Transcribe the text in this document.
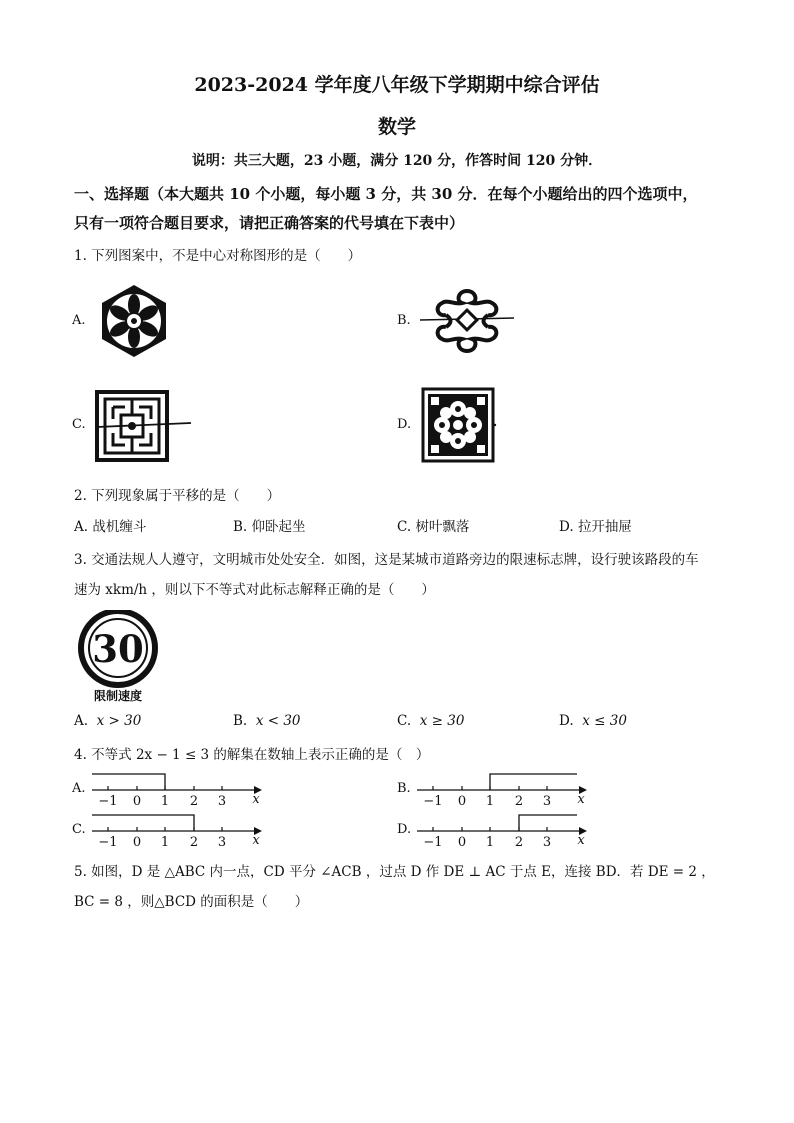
2023-2024 学年度八年级下学期期中综合评估
数学
说明：共三大题，23 小题，满分 120 分，作答时间 120 分钟．
一、选择题（本大题共 10 个小题，每小题 3 分，共 30 分．在每个小题给出的四个选项中，
只有一项符合题目要求，请把正确答案的代号填在下表中）
1. 下列图案中，不是中心对称图形的是（　　）
A.	B.
C.	D.
2. 下列现象属于平移的是（　　）
A. 战机缠斗	B. 仰卧起坐	C. 树叶飘落	D. 拉开抽屉
3. 交通法规人人遵守，文明城市处处安全．如图，这是某城市道路旁边的限速标志牌，设行驶该路段的车
速为 xkm/h ，则以下不等式对此标志解释正确的是（　　）
30
限制速度
A. x > 30	B. x < 30	C. x ≥ 30	D. x ≤ 30
4. 不等式 2x − 1 ≤ 3 的解集在数轴上表示正确的是（　）
A.
−1 0 1 2 3 x
B.
−1 0 1 2 3 x
C.
−1 0 1 2 3 x
D.
−1 0 1 2 3 x
5. 如图，D 是 △ABC 内一点，CD 平分 ∠ACB ，过点 D 作 DE ⊥ AC 于点 E，连接 BD．若 DE = 2 ，
BC = 8 ，则△BCD 的面积是（　　）
